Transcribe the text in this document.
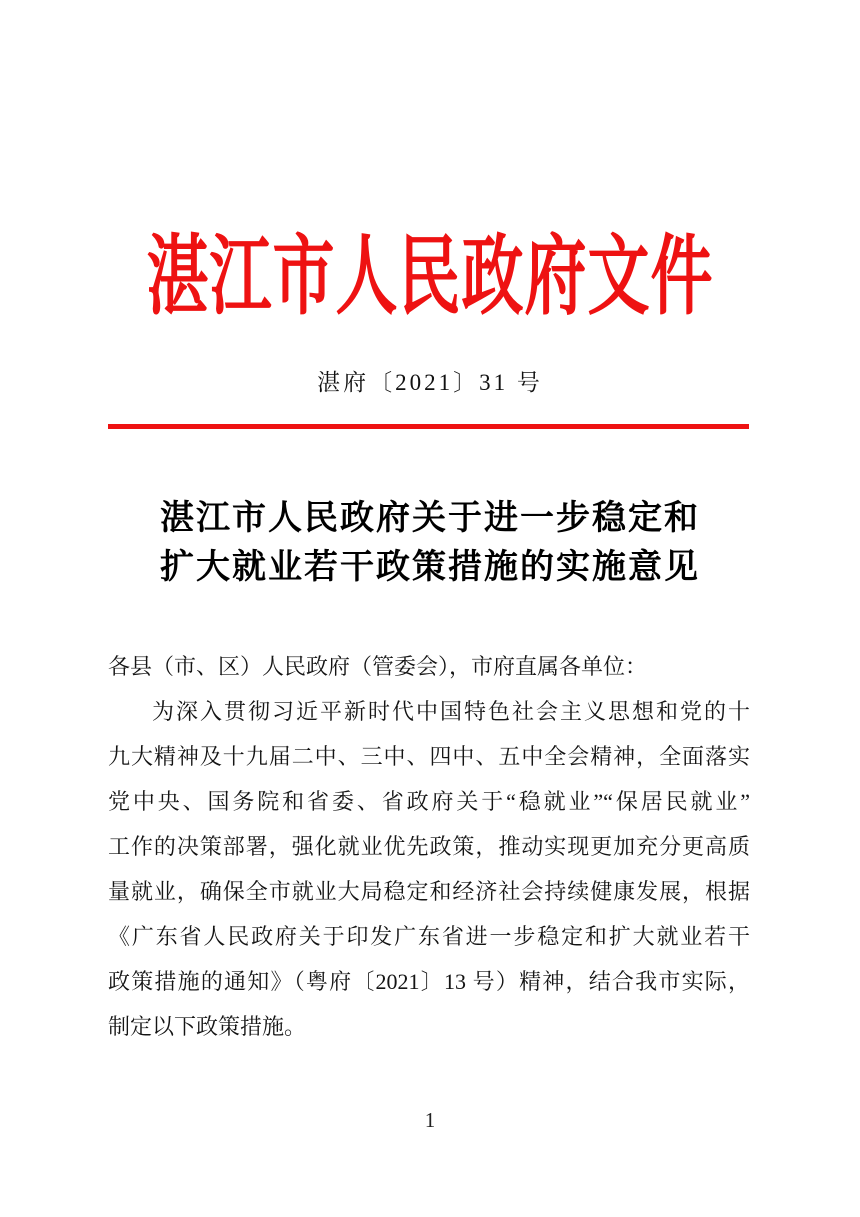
湛江市人民政府文件
湛府〔2021〕31 号
湛江市人民政府关于进一步稳定和
扩大就业若干政策措施的实施意见
各县（市、区）人民政府（管委会），市府直属各单位：
为深入贯彻习近平新时代中国特色社会主义思想和党的十
九大精神及十九届二中、三中、四中、五中全会精神，全面落实
党中央、国务院和省委、省政府关于“稳就业”“保居民就业”
工作的决策部署，强化就业优先政策，推动实现更加充分更高质
量就业，确保全市就业大局稳定和经济社会持续健康发展，根据
《广东省人民政府关于印发广东省进一步稳定和扩大就业若干
政策措施的通知》（粤府〔2021〕13 号）精神，结合我市实际，
制定以下政策措施。
1
